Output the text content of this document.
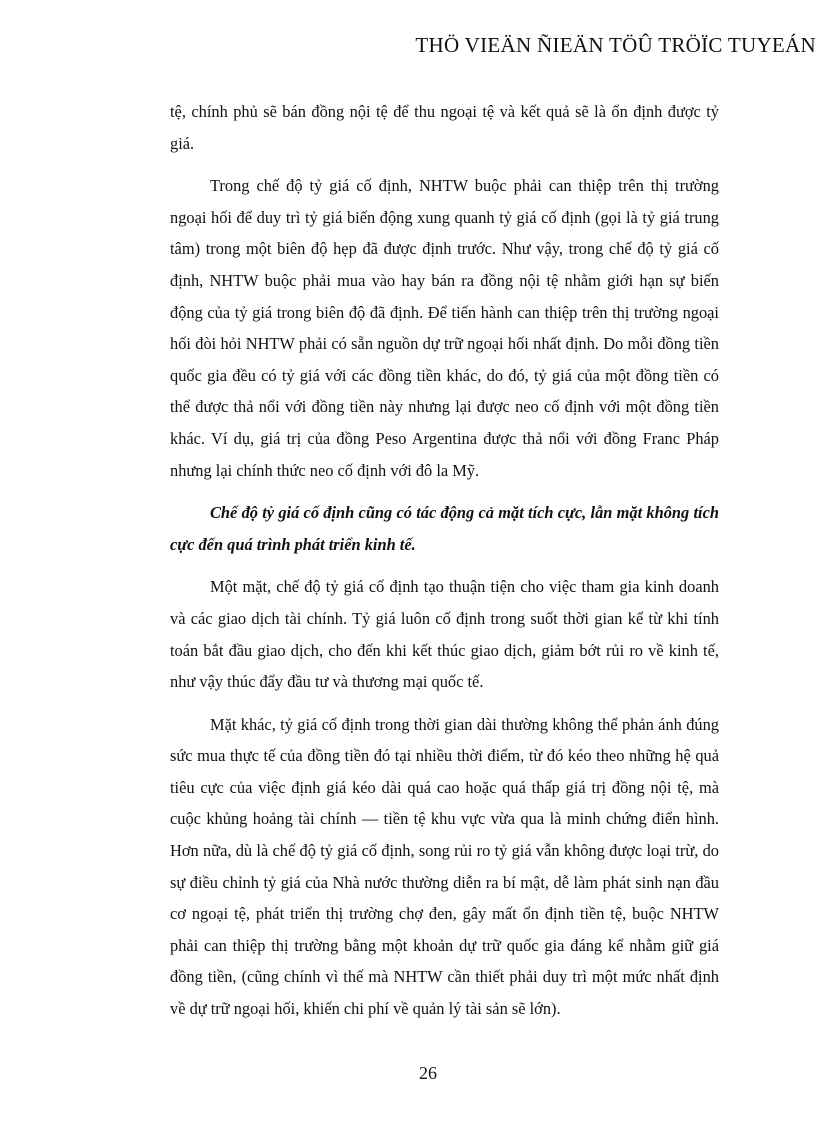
THÖ VIEÄN ÑIEÄN TÖÛ TRÖÏC TUYEÁN

tệ, chính phủ sẽ bán đồng nội tệ để thu ngoại tệ và kết quả sẽ là ổn định được tỷ giá.

Trong chế độ tỷ giá cố định, NHTW buộc phải can thiệp trên thị trường ngoại hối để duy trì tỷ giá biến động xung quanh tỷ giá cố định (gọi là tỷ giá trung tâm) trong một biên độ hẹp đã được định trước. Như vậy, trong chế độ tỷ giá cố định, NHTW buộc phải mua vào hay bán ra đồng nội tệ nhằm giới hạn sự biến động của tỷ giá trong biên độ đã định. Để tiến hành can thiệp trên thị trường ngoại hối đòi hỏi NHTW phải có sẵn nguồn dự trữ ngoại hối nhất định. Do mỗi đồng tiền quốc gia đều có tỷ giá với các đồng tiền khác, do đó, tỷ giá của một đồng tiền có thể được thả nổi với đồng tiền này nhưng lại được neo cố định với một đồng tiền khác. Ví dụ, giá trị của đồng Peso Argentina được thả nổi với đồng Franc Pháp nhưng lại chính thức neo cố định với đô la Mỹ.

Chế độ tỷ giá cố định cũng có tác động cả mặt tích cực, lẫn mặt không tích cực đến quá trình phát triển kinh tế.

Một mặt, chế độ tỷ giá cố định tạo thuận tiện cho việc tham gia kinh doanh và các giao dịch tài chính. Tỷ giá luôn cố định trong suốt thời gian kể từ khi tính toán bắt đầu giao dịch, cho đến khi kết thúc giao dịch, giảm bớt rủi ro về kinh tế, như vậy thúc đẩy đầu tư và thương mại quốc tế.

Mặt khác, tỷ giá cố định trong thời gian dài thường không thể phản ánh đúng sức mua thực tế của đồng tiền đó tại nhiều thời điểm, từ đó kéo theo những hệ quả tiêu cực của việc định giá kéo dài quá cao hoặc quá thấp giá trị đồng nội tệ, mà cuộc khủng hoảng tài chính — tiền tệ khu vực vừa qua là minh chứng điển hình. Hơn nữa, dù là chế độ tỷ giá cố định, song rủi ro tỷ giá vẫn không được loại trừ, do sự điều chỉnh tỷ giá của Nhà nước thường diễn ra bí mật, dễ làm phát sinh nạn đầu cơ ngoại tệ, phát triển thị trường chợ đen, gây mất ổn định tiền tệ, buộc NHTW phải can thiệp thị trường bằng một khoản dự trữ quốc gia đáng kể nhằm giữ giá đồng tiền, (cũng chính vì thế mà NHTW cần thiết phải duy trì một mức nhất định về dự trữ ngoại hối, khiến chi phí về quản lý tài sản sẽ lớn).

26
